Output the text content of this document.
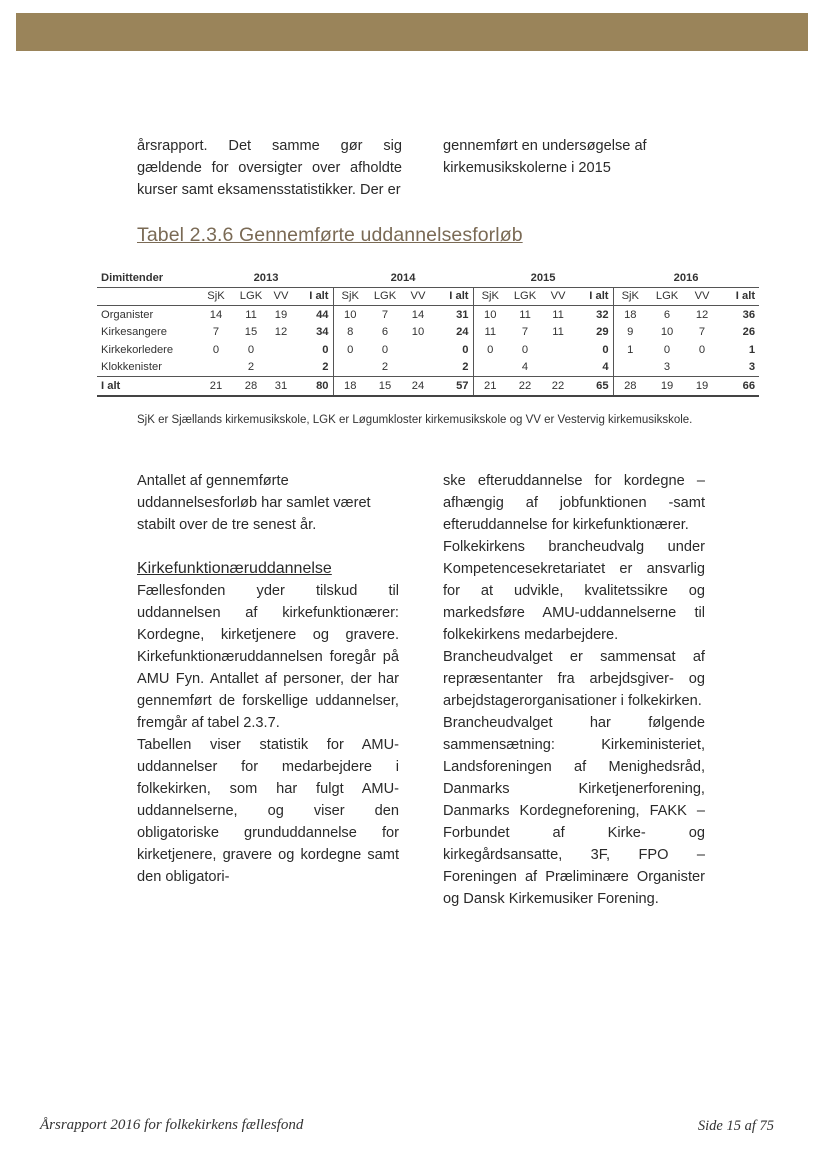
årsrapport. Det samme gør sig gældende for oversigter over afholdte kurser samt eksamensstatistikker. Der er

gennemført en undersøgelse af kirkemusikskolerne i 2015

Tabel 2.3.6 Gennemførte uddannelsesforløb
Dimittender	2013				2014				2015				2016			
	SjK	LGK	VV	I alt	SjK	LGK	VV	I alt	SjK	LGK	VV	I alt	SjK	LGK	VV	I alt
Organister	14	11	19	44	10	7	14	31	10	11	11	32	18	6	12	36
Kirkesangere	7	15	12	34	8	6	10	24	11	7	11	29	9	10	7	26
Kirkekorledere	0	0		0	0	0		0	0	0		0	1	0	0	1
Klokkenister		2		2		2		2		4		4		3		3
I alt	21	28	31	80	18	15	24	57	21	22	22	65	28	19	19	66
SjK er Sjællands kirkemusikskole, LGK er Løgumkloster kirkemusikskole og VV er Vestervig kirkemusikskole.

Antallet af gennemførte uddannelsesforløb har samlet været stabilt over de tre senest år.

Kirkefunktionæruddannelse

Fællesfonden yder tilskud til uddannelsen af kirkefunktionærer: Kordegne, kirketjenere og gravere. Kirkefunktionæruddannelsen foregår på AMU Fyn. Antallet af personer, der har gennemført de forskellige uddannelser, fremgår af tabel 2.3.7.

Tabellen viser statistik for AMU-uddannelser for medarbejdere i folkekirken, som har fulgt AMU- uddannelserne, og viser den obligatoriske grunduddannelse for kirketjenere, gravere og kordegne samt den obligatori-

ske efteruddannelse for kordegne –afhængig af jobfunktionen -samt efteruddannelse for kirkefunktionærer.

Folkekirkens brancheudvalg under Kompetencesekretariatet er ansvarlig for at udvikle, kvalitetssikre og markedsføre AMU-uddannelserne til folkekirkens medarbejdere.

Brancheudvalget er sammensat af repræsentanter fra arbejdsgiver- og arbejdstagerorganisationer i folkekirken.

Brancheudvalget har følgende sammensætning: Kirkeministeriet, Landsforeningen af Menighedsråd, Danmarks Kirketjenerforening, Danmarks Kordegneforening, FAKK – Forbundet af Kirke- og kirkegårdsansatte, 3F, FPO – Foreningen af Præliminære Organister og Dansk Kirkemusiker Forening.

Årsrapport 2016 for folkekirkens fællesfond	Side 15 af 75
